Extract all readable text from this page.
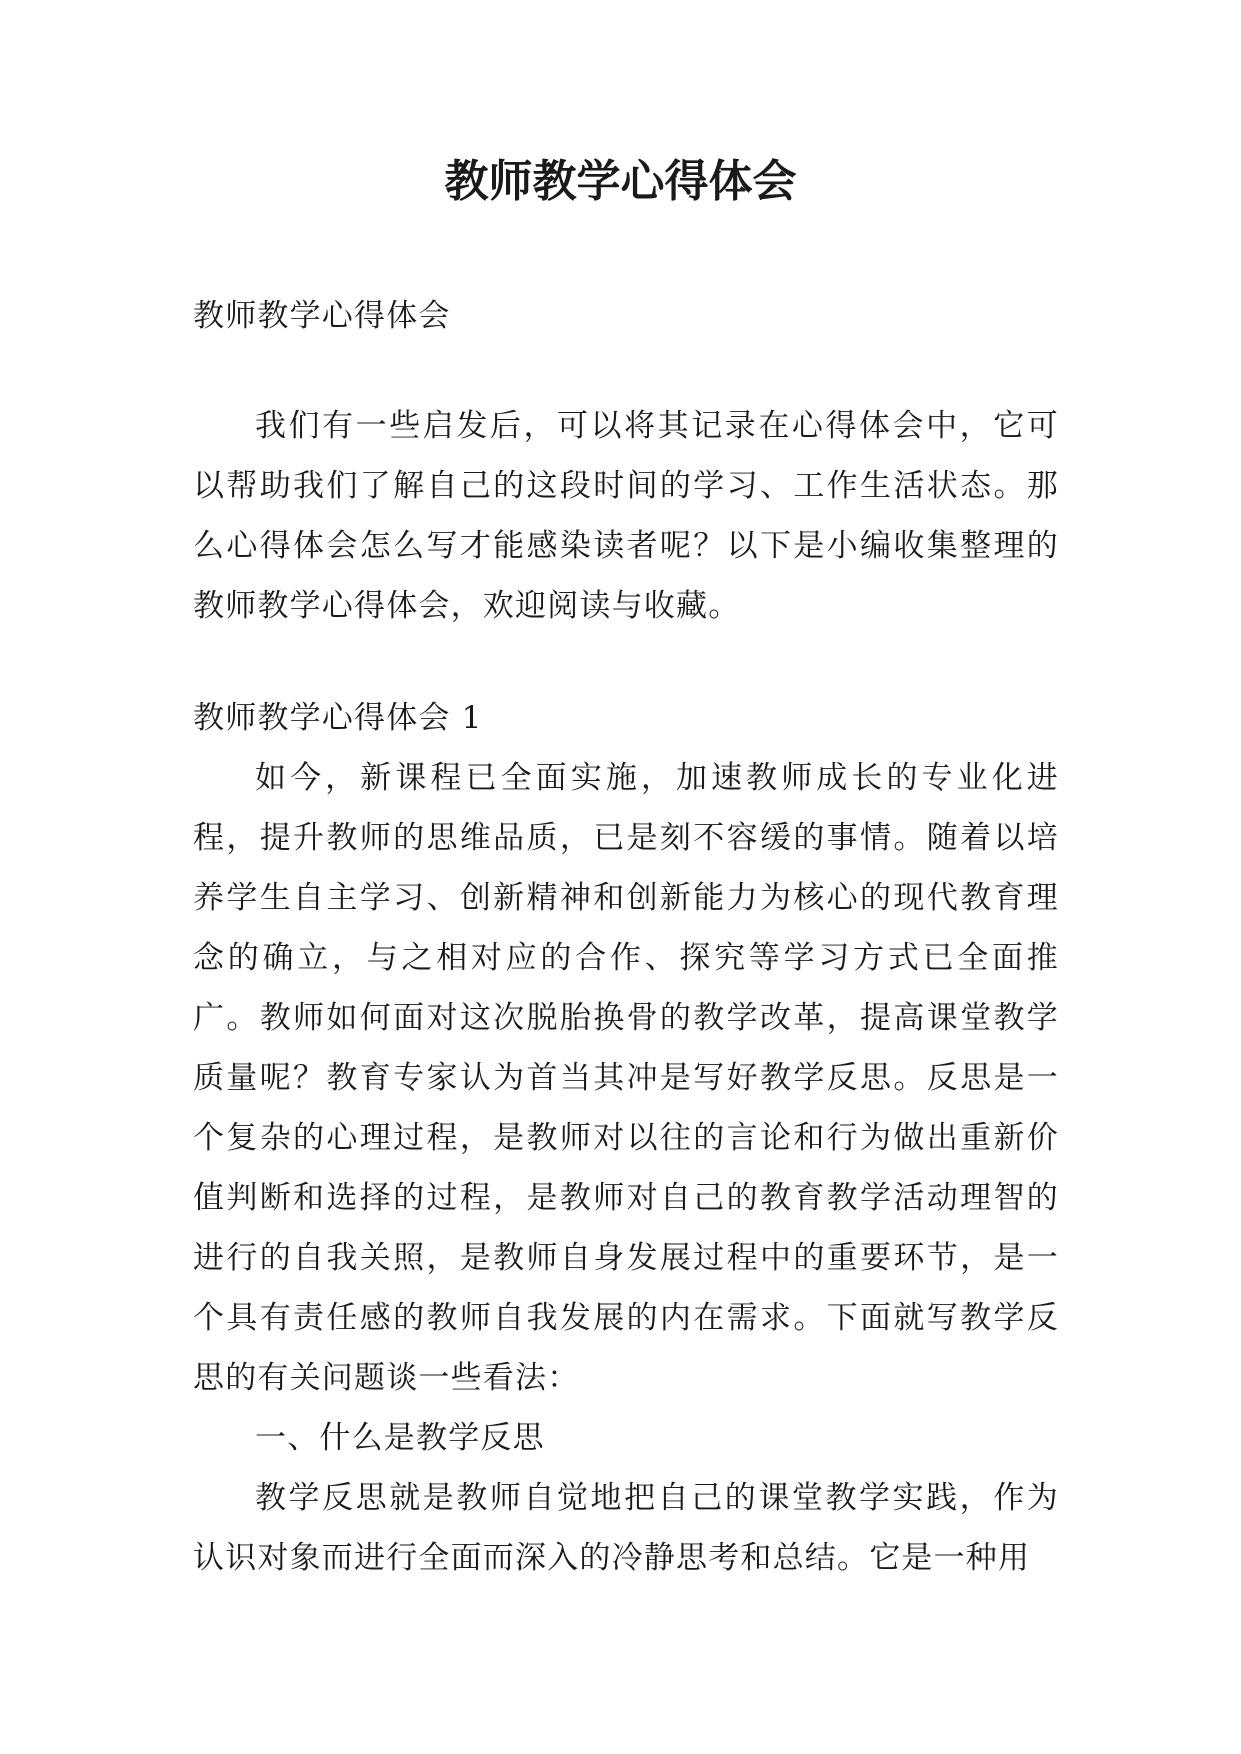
教师教学心得体会

教师教学心得体会

我们有一些启发后，可以将其记录在心得体会中，它可以帮助我们了解自己的这段时间的学习、工作生活状态。那么心得体会怎么写才能感染读者呢？以下是小编收集整理的教师教学心得体会，欢迎阅读与收藏。

教师教学心得体会 1

如今，新课程已全面实施，加速教师成长的专业化进程，提升教师的思维品质，已是刻不容缓的事情。随着以培养学生自主学习、创新精神和创新能力为核心的现代教育理念的确立，与之相对应的合作、探究等学习方式已全面推广。教师如何面对这次脱胎换骨的教学改革，提高课堂教学质量呢？教育专家认为首当其冲是写好教学反思。反思是一个复杂的心理过程，是教师对以往的言论和行为做出重新价值判断和选择的过程，是教师对自己的教育教学活动理智的进行的自我关照，是教师自身发展过程中的重要环节，是一个具有责任感的教师自我发展的内在需求。下面就写教学反思的有关问题谈一些看法：

一、什么是教学反思

教学反思就是教师自觉地把自己的课堂教学实践，作为认识对象而进行全面而深入的冷静思考和总结。它是一种用
